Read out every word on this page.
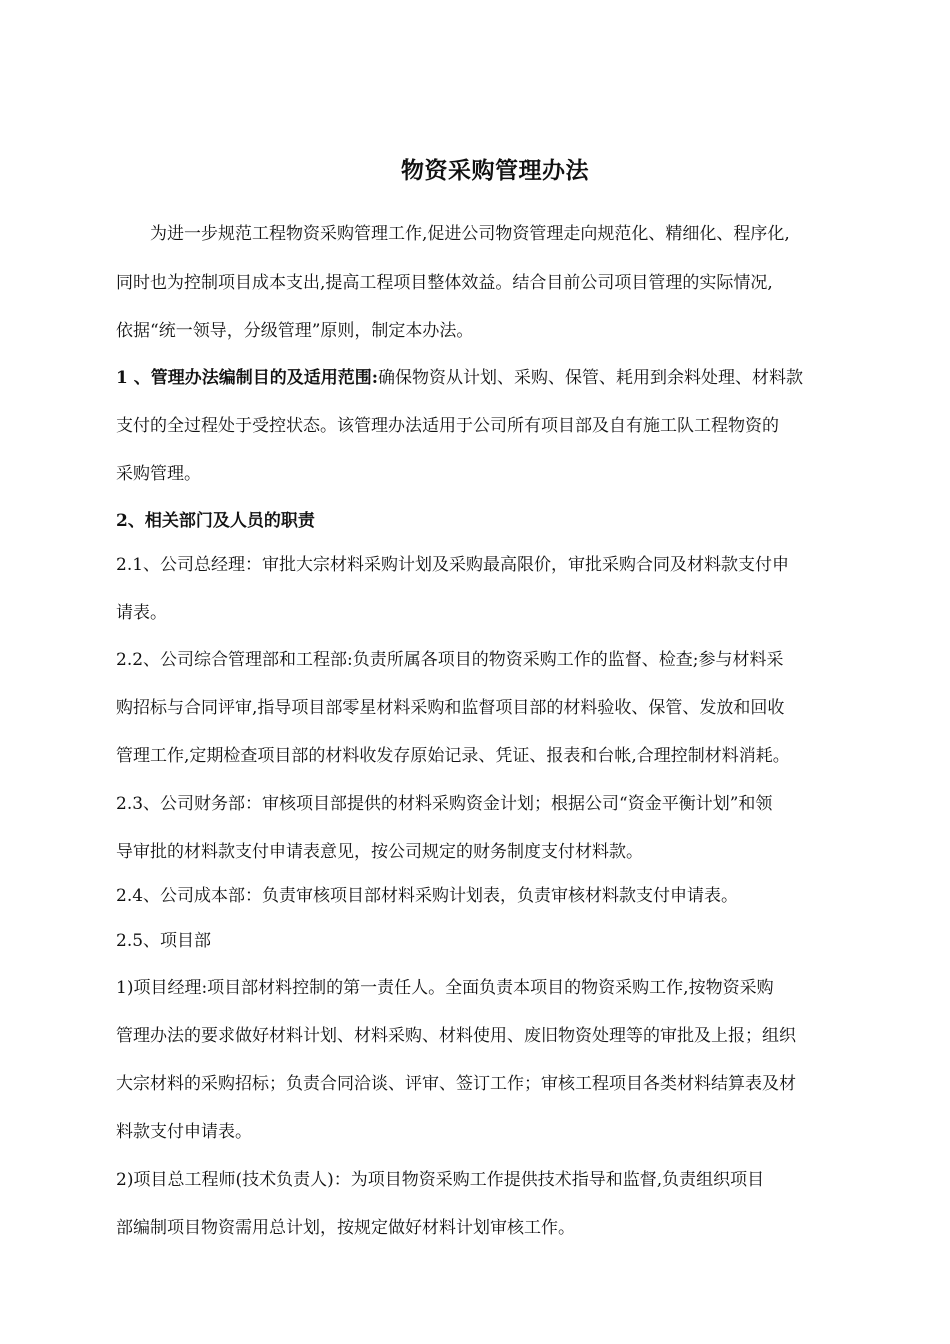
物资采购管理办法
为进一步规范工程物资采购管理工作,促进公司物资管理走向规范化、精细化、程序化,
同时也为控制项目成本支出,提高工程项目整体效益。结合目前公司项目管理的实际情况,
依据“统一领导，分级管理”原则，制定本办法。
1 、管理办法编制目的及适用范围:确保物资从计划、采购、保管、耗用到余料处理、材料款
支付的全过程处于受控状态。该管理办法适用于公司所有项目部及自有施工队工程物资的
采购管理。
2、相关部门及人员的职责
2.1、公司总经理：审批大宗材料采购计划及采购最高限价，审批采购合同及材料款支付申
请表。
2.2、公司综合管理部和工程部:负责所属各项目的物资采购工作的监督、检查;参与材料采
购招标与合同评审,指导项目部零星材料采购和监督项目部的材料验收、保管、发放和回收
管理工作,定期检查项目部的材料收发存原始记录、凭证、报表和台帐,合理控制材料消耗。
2.3、公司财务部：审核项目部提供的材料采购资金计划；根据公司“资金平衡计划”和领
导审批的材料款支付申请表意见，按公司规定的财务制度支付材料款。
2.4、公司成本部：负责审核项目部材料采购计划表，负责审核材料款支付申请表。
2.5、项目部
1)项目经理:项目部材料控制的第一责任人。全面负责本项目的物资采购工作,按物资采购
管理办法的要求做好材料计划、材料采购、材料使用、废旧物资处理等的审批及上报；组织
大宗材料的采购招标；负责合同洽谈、评审、签订工作；审核工程项目各类材料结算表及材
料款支付申请表。
2)项目总工程师(技术负责人)：为项目物资采购工作提供技术指导和监督,负责组织项目
部编制项目物资需用总计划，按规定做好材料计划审核工作。
